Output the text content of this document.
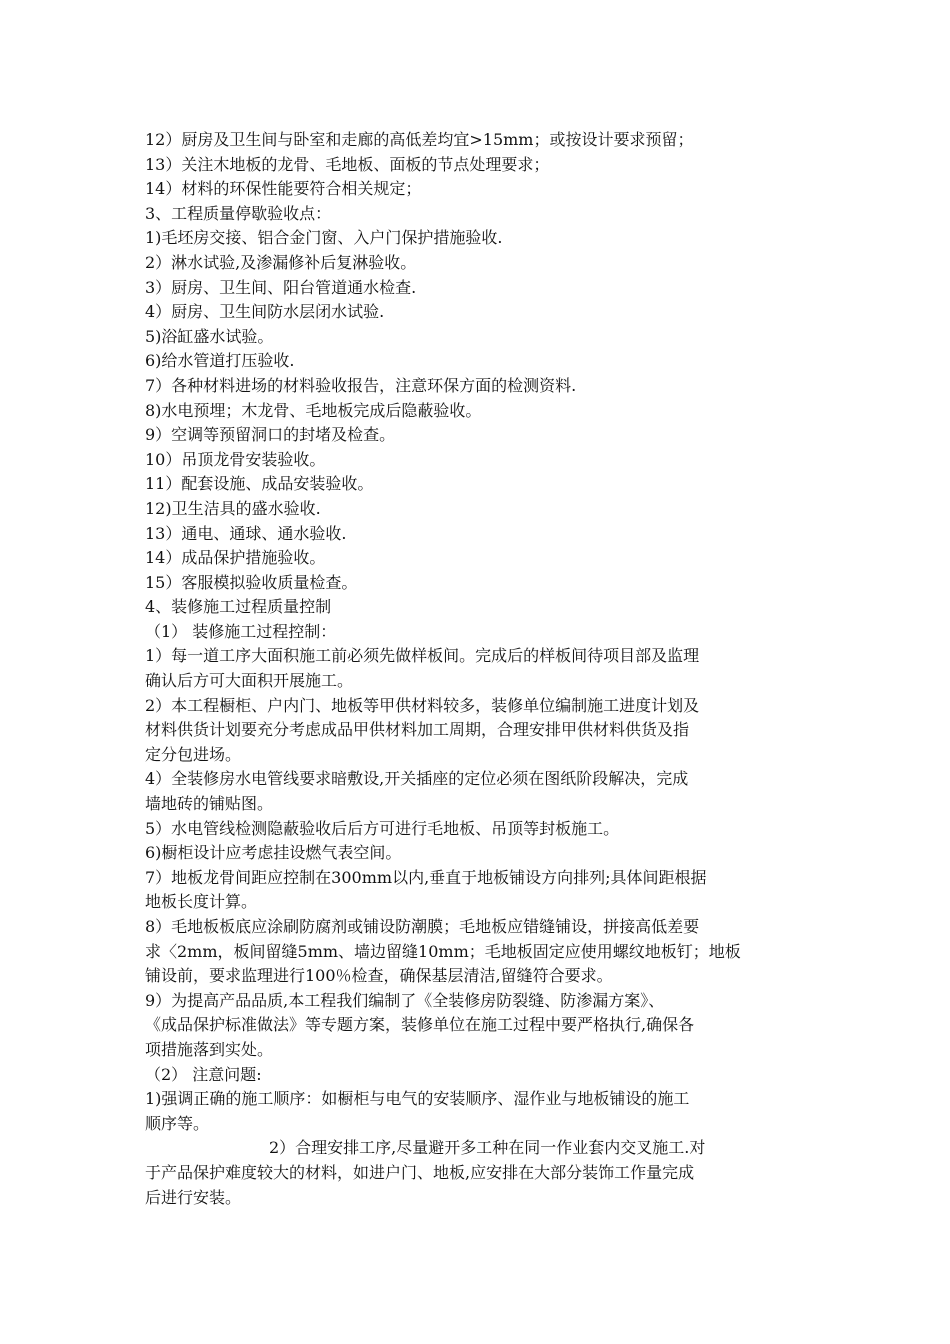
12）厨房及卫生间与卧室和走廊的高低差均宜>15mm；或按设计要求预留；
13）关注木地板的龙骨、毛地板、面板的节点处理要求；
14）材料的环保性能要符合相关规定；
3、工程质量停歇验收点：
1)毛坯房交接、铝合金门窗、入户门保护措施验收.
2）淋水试验,及渗漏修补后复淋验收。
3）厨房、卫生间、阳台管道通水检查.
4）厨房、卫生间防水层闭水试验.
5)浴缸盛水试验。
6)给水管道打压验收.
7）各种材料进场的材料验收报告，注意环保方面的检测资料.
8)水电预埋；木龙骨、毛地板完成后隐蔽验收。
9）空调等预留洞口的封堵及检查。
10）吊顶龙骨安装验收。
11）配套设施、成品安装验收。
12)卫生洁具的盛水验收.
13）通电、通球、通水验收.
14）成品保护措施验收。
15）客服模拟验收质量检查。
4、装修施工过程质量控制
（1） 装修施工过程控制：
1）每一道工序大面积施工前必须先做样板间。完成后的样板间待项目部及监理
确认后方可大面积开展施工。
2）本工程橱柜、户内门、地板等甲供材料较多，装修单位编制施工进度计划及
材料供货计划要充分考虑成品甲供材料加工周期，合理安排甲供材料供货及指
定分包进场。
4）全装修房水电管线要求暗敷设,开关插座的定位必须在图纸阶段解决，完成
墙地砖的铺贴图。
5）水电管线检测隐蔽验收后后方可进行毛地板、吊顶等封板施工。
6)橱柜设计应考虑挂设燃气表空间。
7）地板龙骨间距应控制在300mm以内,垂直于地板铺设方向排列;具体间距根据
地板长度计算。
8）毛地板板底应涂刷防腐剂或铺设防潮膜；毛地板应错缝铺设，拼接高低差要
求〈2mm，板间留缝5mm、墙边留缝10mm；毛地板固定应使用螺纹地板钉；地板
铺设前，要求监理进行100％检查，确保基层清洁,留缝符合要求。
9）为提高产品品质,本工程我们编制了《全装修房防裂缝、防渗漏方案》、
《成品保护标准做法》等专题方案，装修单位在施工过程中要严格执行,确保各
项措施落到实处。
（2） 注意问题:
1)强调正确的施工顺序：如橱柜与电气的安装顺序、湿作业与地板铺设的施工
顺序等。
2）合理安排工序,尽量避开多工种在同一作业套内交叉施工.对
于产品保护难度较大的材料，如进户门、地板,应安排在大部分装饰工作量完成
后进行安装。
